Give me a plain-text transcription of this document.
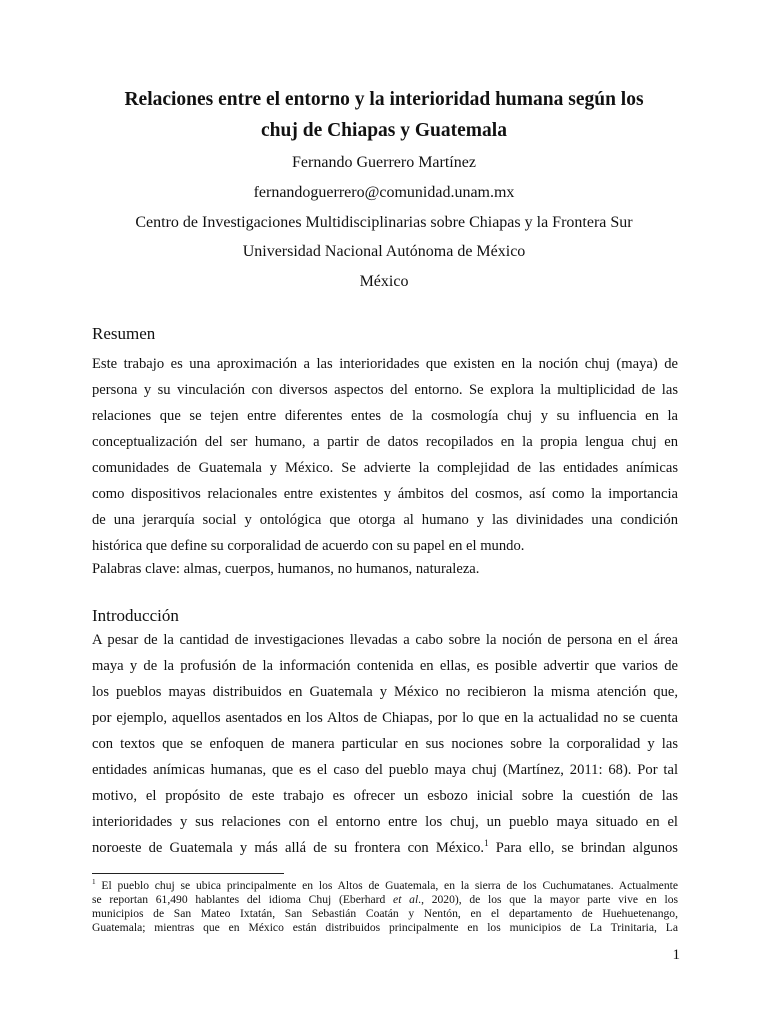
Relaciones entre el entorno y la interioridad humana según los
chuj de Chiapas y Guatemala
Fernando Guerrero Martínez
fernandoguerrero@comunidad.unam.mx
Centro de Investigaciones Multidisciplinarias sobre Chiapas y la Frontera Sur
Universidad Nacional Autónoma de México
México
Resumen
Este trabajo es una aproximación a las interioridades que existen en la noción chuj (maya) de
persona y su vinculación con diversos aspectos del entorno. Se explora la multiplicidad de las
relaciones que se tejen entre diferentes entes de la cosmología chuj y su influencia en la
conceptualización del ser humano, a partir de datos recopilados en la propia lengua chuj en
comunidades de Guatemala y México. Se advierte la complejidad de las entidades anímicas
como dispositivos relacionales entre existentes y ámbitos del cosmos, así como la importancia
de una jerarquía social y ontológica que otorga al humano y las divinidades una condición
histórica que define su corporalidad de acuerdo con su papel en el mundo.
Palabras clave: almas, cuerpos, humanos, no humanos, naturaleza.
Introducción
A pesar de la cantidad de investigaciones llevadas a cabo sobre la noción de persona en el área
maya y de la profusión de la información contenida en ellas, es posible advertir que varios de
los pueblos mayas distribuidos en Guatemala y México no recibieron la misma atención que,
por ejemplo, aquellos asentados en los Altos de Chiapas, por lo que en la actualidad no se cuenta
con textos que se enfoquen de manera particular en sus nociones sobre la corporalidad y las
entidades anímicas humanas, que es el caso del pueblo maya chuj (Martínez, 2011: 68). Por tal
motivo, el propósito de este trabajo es ofrecer un esbozo inicial sobre la cuestión de las
interioridades y sus relaciones con el entorno entre los chuj, un pueblo maya situado en el
noroeste de Guatemala y más allá de su frontera con México.$^1$ Para ello, se brindan algunos
$^1$ El pueblo chuj se ubica principalmente en los Altos de Guatemala, en la sierra de los Cuchumatanes. Actualmente
se reportan 61,490 hablantes del idioma Chuj (Eberhard et al., 2020), de los que la mayor parte vive en los
municipios de San Mateo Ixtatán, San Sebastián Coatán y Nentón, en el departamento de Huehuetenango,
Guatemala; mientras que en México están distribuidos principalmente en los municipios de La Trinitaria, La
1
